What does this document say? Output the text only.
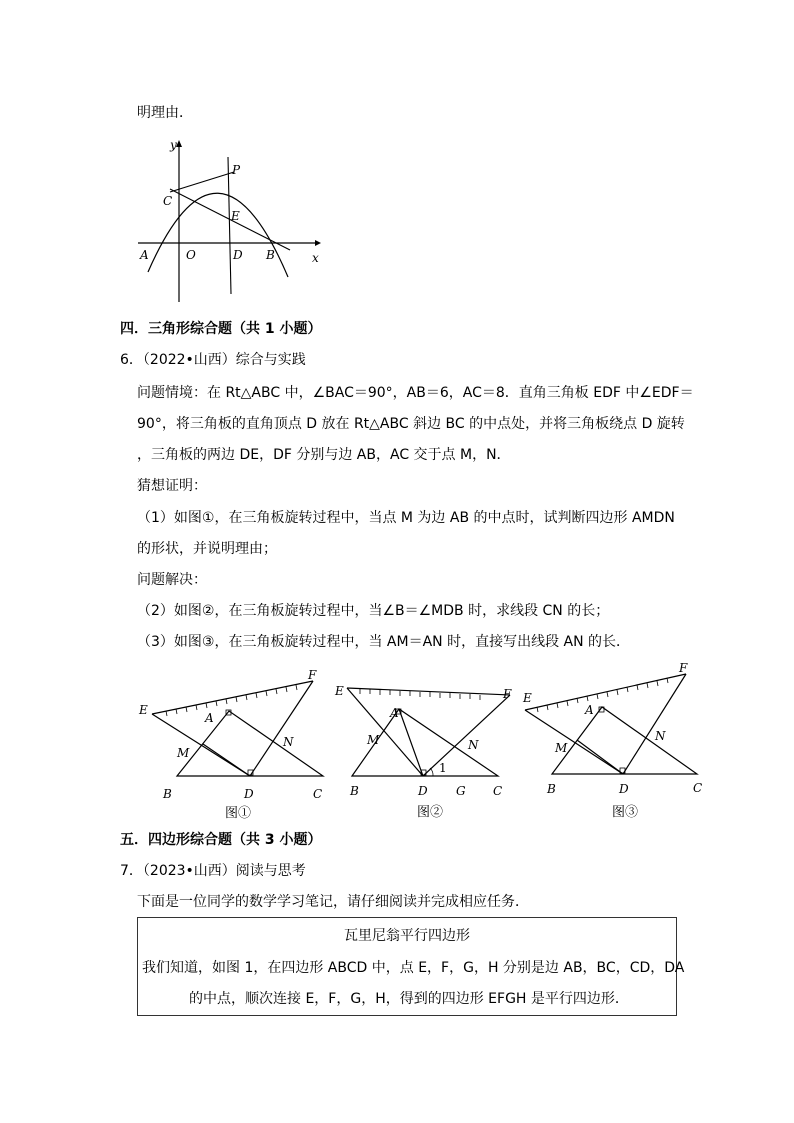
明理由．
y
x
P
C
E
A	O	D B
四．三角形综合题（共 1 小题）
6．（2022•山西）综合与实践
问题情境：在 Rt△ABC 中，∠BAC＝90°，AB＝6，AC＝8．直角三角板 EDF 中∠EDF＝
90°，将三角板的直角顶点 D 放在 Rt△ABC 斜边 BC 的中点处，并将三角板绕点 D 旋转
，三角板的两边 DE，DF 分别与边 AB，AC 交于点 M，N．
猜想证明：
（1）如图①，在三角板旋转过程中，当点 M 为边 AB 的中点时，试判断四边形 AMDN
的形状，并说明理由；
问题解决：
（2）如图②，在三角板旋转过程中，当∠B＝∠MDB 时，求线段 CN 的长；
（3）如图③，在三角板旋转过程中，当 AM＝AN 时，直接写出线段 AN 的长．
E
F
A
M
N
B	D	C
图①
E	F
A
M	N
1
B	D G C
图②
E
F
A
M
N
B	D	C
图③
五．四边形综合题（共 3 小题）
7．（2023•山西）阅读与思考
下面是一位同学的数学学习笔记，请仔细阅读并完成相应任务．
瓦里尼翁平行四边形
我们知道，如图 1，在四边形 ABCD 中，点 E，F，G，H 分别是边 AB，BC，CD，DA
的中点，顺次连接 E，F，G，H，得到的四边形 EFGH 是平行四边形．
